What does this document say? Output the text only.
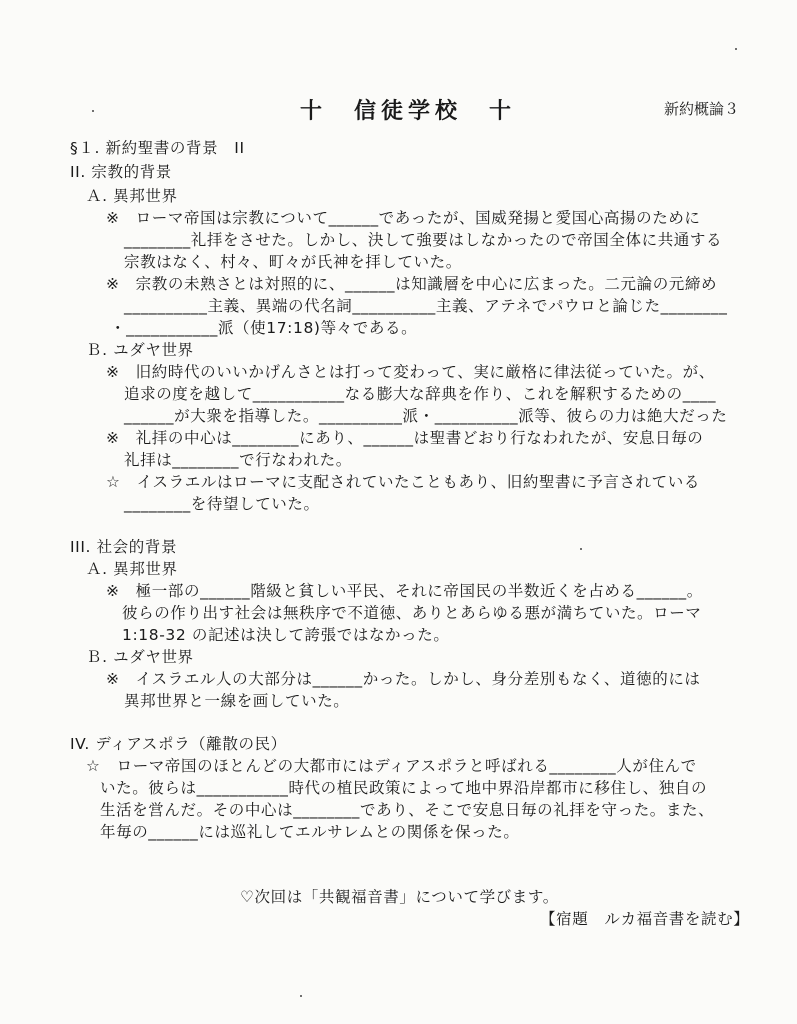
十　信徒学校　十	新約概論３
§１. 新約聖書の背景　II
II. 宗教的背景
Ａ. 異邦世界
※　ローマ帝国は宗教について______であったが、国威発揚と愛国心高揚のために
________礼拝をさせた。しかし、決して強要はしなかったので帝国全体に共通する
宗教はなく、村々、町々が氏神を拝していた。
※　宗教の未熟さとは対照的に、______は知識層を中心に広まった。二元論の元締め
__________主義、異端の代名詞__________主義、アテネでパウロと論じた________
・___________派（使17:18)等々である。
Ｂ. ユダヤ世界
※　旧約時代のいいかげんさとは打って変わって、実に厳格に律法従っていた。が、
追求の度を越して___________なる膨大な辞典を作り、これを解釈するための____
______が大衆を指導した。__________派・__________派等、彼らの力は絶大だった
※　礼拝の中心は________にあり、______は聖書どおり行なわれたが、安息日毎の
礼拝は________で行なわれた。
☆　イスラエルはローマに支配されていたこともあり、旧約聖書に予言されている
________を待望していた。
III. 社会的背景
Ａ. 異邦世界
※　極一部の______階級と貧しい平民、それに帝国民の半数近くを占める______。
彼らの作り出す社会は無秩序で不道徳、ありとあらゆる悪が満ちていた。ローマ
1:18-32 の記述は決して誇張ではなかった。
Ｂ. ユダヤ世界
※　イスラエル人の大部分は______かった。しかし、身分差別もなく、道徳的には
異邦世界と一線を画していた。
IV. ディアスポラ（離散の民）
☆　ローマ帝国のほとんどの大都市にはディアスポラと呼ばれる________人が住んで
いた。彼らは___________時代の植民政策によって地中界沿岸都市に移住し、独自の
生活を営んだ。その中心は________であり、そこで安息日毎の礼拝を守った。また、
年毎の______には巡礼してエルサレムとの関係を保った。
♡次回は「共観福音書」について学びます。
【宿題　ルカ福音書を読む】
